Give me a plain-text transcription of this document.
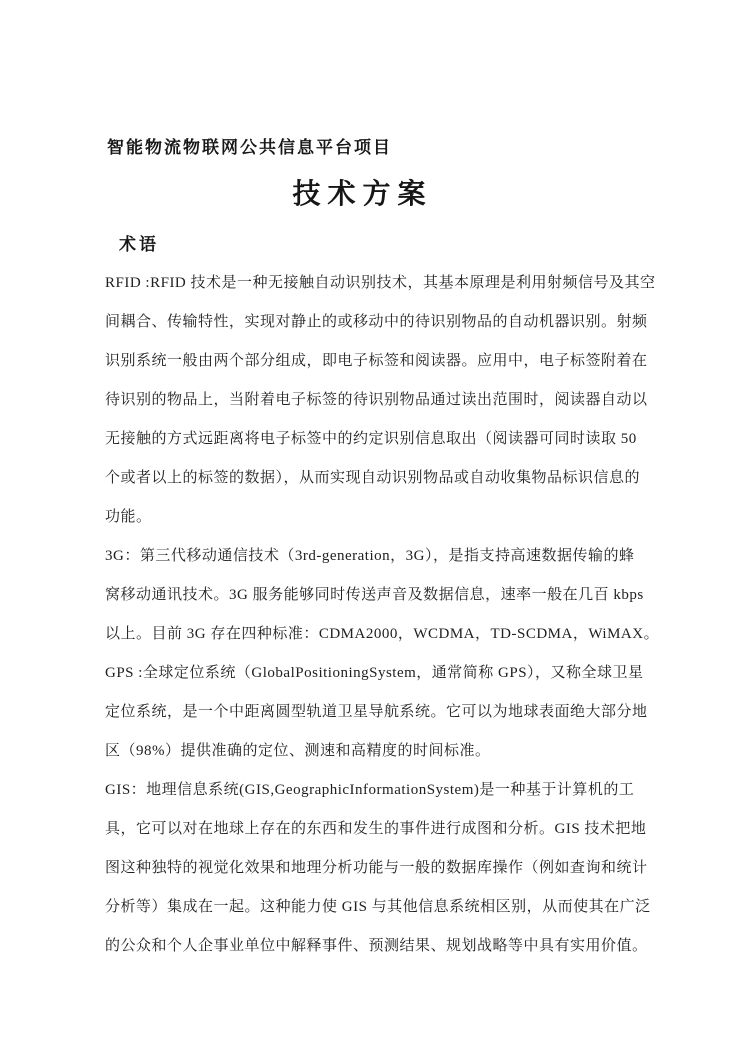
智能物流物联网公共信息平台项目
技术方案
术语
RFID :RFID 技术是一种无接触自动识别技术，其基本原理是利用射频信号及其空
间耦合、传输特性，实现对静止的或移动中的待识别物品的自动机器识别。射频
识别系统一般由两个部分组成，即电子标签和阅读器。应用中，电子标签附着在
待识别的物品上，当附着电子标签的待识别物品通过读出范围时，阅读器自动以
无接触的方式远距离将电子标签中的约定识别信息取出（阅读器可同时读取 50
个或者以上的标签的数据），从而实现自动识别物品或自动收集物品标识信息的
功能。
3G：第三代移动通信技术（3rd-generation，3G），是指支持高速数据传输的蜂
窝移动通讯技术。3G 服务能够同时传送声音及数据信息，速率一般在几百 kbps
以上。目前 3G 存在四种标准：CDMA2000，WCDMA，TD-SCDMA，WiMAX。
GPS :全球定位系统（GlobalPositioningSystem，通常简称 GPS），又称全球卫星
定位系统，是一个中距离圆型轨道卫星导航系统。它可以为地球表面绝大部分地
区（98%）提供准确的定位、测速和高精度的时间标准。
GIS：地理信息系统(GIS,GeographicInformationSystem)是一种基于计算机的工
具，它可以对在地球上存在的东西和发生的事件进行成图和分析。GIS 技术把地
图这种独特的视觉化效果和地理分析功能与一般的数据库操作（例如查询和统计
分析等）集成在一起。这种能力使 GIS 与其他信息系统相区别，从而使其在广泛
的公众和个人企事业单位中解释事件、预测结果、规划战略等中具有实用价值。
